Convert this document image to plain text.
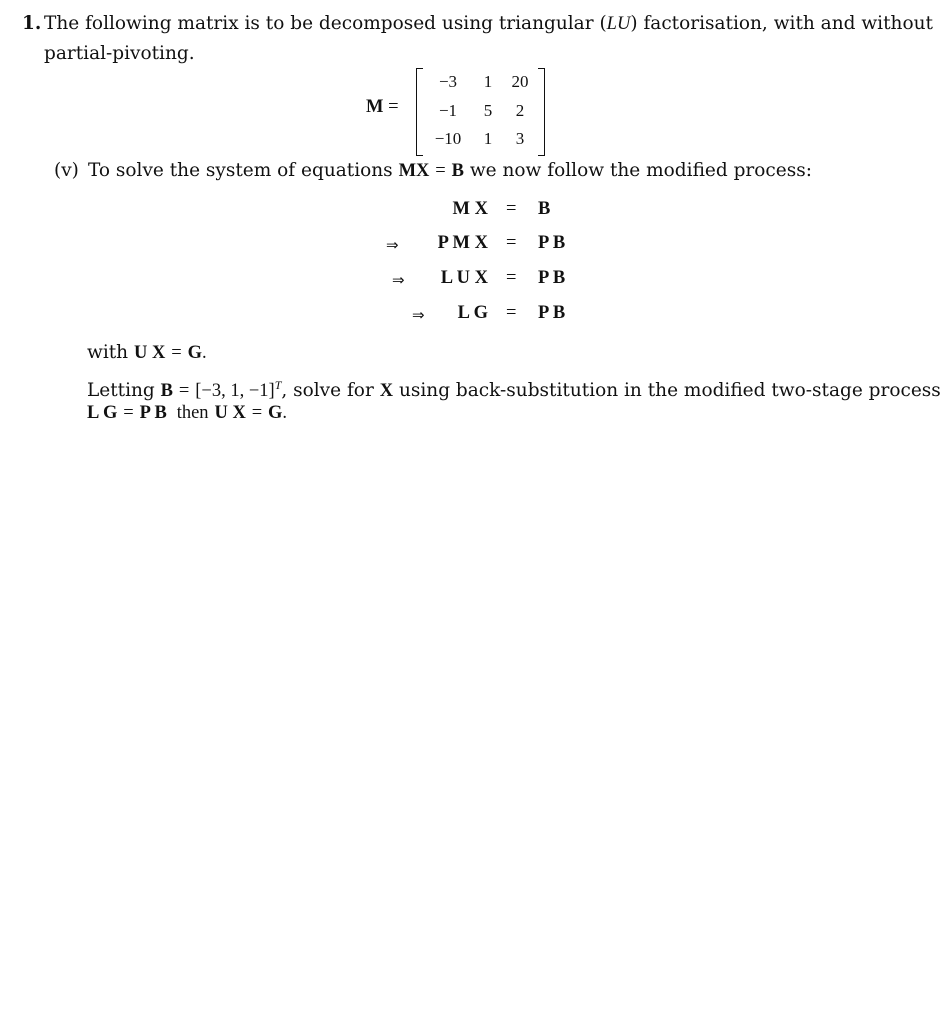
1. The following matrix is to be decomposed using triangular (LU) factorisation, with and without
partial-pivoting.
M =
−3	1	20
−1	5	2
−10	1	3
(v) To solve the system of equations MX = B we now follow the modified process:
M X = B
⇒	P M X = P B
⇒	L U X = P B
⇒	L G = P B
with U X = G.
Letting B = [−3, 1, −1]$^T$, solve for X using back-substitution in the modified two-stage process
L G = P B then U X = G.
